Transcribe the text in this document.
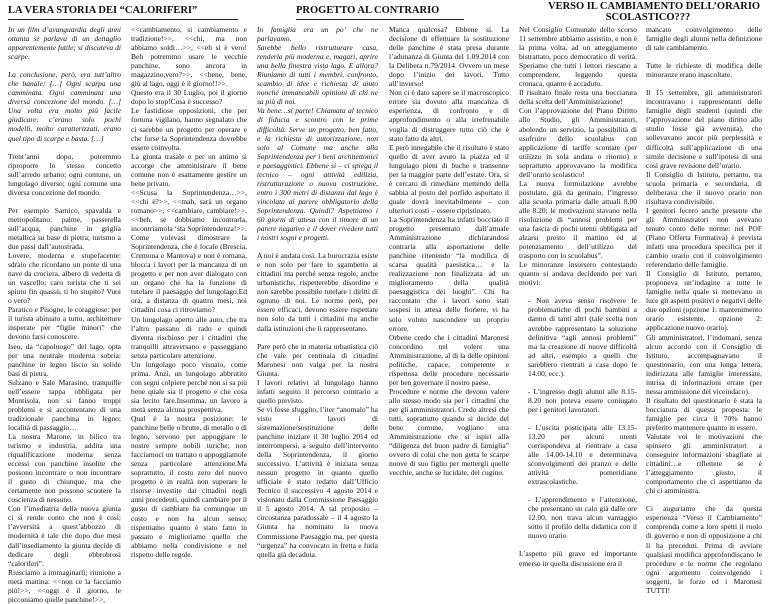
LA VERA STORIA DEI “CALORIFERI”	PROGETTO AL CONTRARIO	VERSO IL CAMBIAMENTO DELL’ORARIO
SCOLASTICO???

In un film d’avanguardia degli anni ottanta si parlava di un dettaglio apparentemente futile; si discuteva di scarpe.

La conclusione, però, era tutt’altro che banale: […] Ogni scarpa una camminata. Ogni camminata una diversa concezione del mondo. […] Una volta era molto più facile giudicare: c’erano solo pochi modelli, molto caratterizzati, erano quel tipo di scarpe e basta. […]

Trent’anni dopo, potremmo riproporre lo stesso concetto sull’arredo urbano; ogni comune, un lungolago diverso; ogni comune una diversa concezione del mondo.

Per esempio Sarnico, spavalda e metropolitano: palme, passerella sull’acqua, panchine in griglia metallica su base di pietra; turismo a due passi dall’autostrada.

Lovere, moderna e stupefacente: sdraio che ricordano un ponte di una nave da crociera, albero di vedetta di un vascello; caro turista che ti sei spinto fin quassù, ti ho stupito? Vuoi o vero?

Paratico e Pisogne, le coraggiose: per il turista abituato a tutto, architetture insperate per “figlie minori” che devono farsi conoscere.

Iseo, da “capoluogo” del lago, opta per una neutrale moderna sobria: panchine in legno liscio su solide basi di pietra.

Sulzano e Sale Marasino, tranquille nell’essere tappa obbligata per Montisola, non si fanno troppi problemi e si accontentano di una tradizionale panchina in legno; località di passaggio…

La nostra Marone, in bilico tra turismo e industria, addita una riqualificazione moderna senza eccessi con panchine insolite che possono incontrare o non incontrare il gusto di chiunque, ma che certamente non possono scuotere la coscienza di nessuno.

Con l’imediatria della nuova giunta ci si rende conto che non è così; l’avversità a quest’abbozzo di modernità è tale che dopo due mesi dall’insediamento la giunta decide di dedicare degli ebbrobrosi “caloriferi”.

Riusciamo a immaginarli; riunione a metà mattina: <<non ce la facciamo più!>>, <<oggi è il giorno, le picconiamo quelle panchine!>>,

<<cambiamento, si cambiamento e tradizione!>>, <<chi, ma non abbiamo soldi…>>, <<eh si è vero! Beh potremmo usare le vecchie panchine, sono ancora in magazzino,vero?>>, <<bene, bene, giù al lago, oggi è il giorno!!>>.

Questo era il 30 Luglio, poi il giorno dopo lo stop!Cosa è successo?

Le fastidiose opposizioni, che per fortuna vigilano, hanno segnalato che ci sarebbe un progetto per operare e che forse la Soprintendenza dovrebbe essere coinvolta.

La giunta trasale e per un attimo si accorge che amministrare il bene comune non è esattamente gestire un bene privato.

<<Scusa la Soprintendenza…>>, <<chi è?>>, <<mah, sarà un organo romano>>, <<cambiare, cambiare!>>, <<beh, se dobbiamo incontrarla, incontriamola ‘sta Soprintendenza!>>.

Come volevasi dimostrare la Soprintendenza, che è locale (Brescia, Cremona e Mantova) e non è romana, blocca i lavori per la mancanza di un progetto e per non aver dialogato con un organo che ha la funzione di tutelare il paesaggio del lungolago.Ed ora, a distanza di quattro mesi, noi cittadini cosa ci ritroviamo?

Un lungolago aperto alle auto, che tra l’altro passano di rado e quindi diventa rischioso per i cittadini che tranquilli attraversano e passeggiano senza particolare attenzione.

Un lungolago poco visuato, come prima. Anzi, un lungolago abbrutito con segni colpiere perché non si sa più bene quale sia il progetto e che cosa sia lecito fare.Insomma, un lavoro a metà senza alcuna prospettiva.

Qual è la nostra posizione: le panchine belle o brutte, di metallo o di legno, servono per appoggiare le nostre sempre nobili turiche; non facciamoci un trattato o appoggiamole senza particolare attenzione.Ma soprattutto, il costo zero del nuovo progetto è in realtà non superare le risorse investite dai cittadini negli anni precedenti, quindi cambiare per il gusto di cambiare ha comunque un costo e non ha alcun senso; rispettiamo quanto è stato fatto in passato e miglioriamo quello che abbiamo nella condivisione e nel rispetto delle regole.

In famiglia era un po’ che ne parlavamo.

Sarebbe bello ristrutturare casa, renderla più moderna e, magari, aprire una bella finestra vista lago. E allora? Riuniamo di tutti i membri, confronto, scambio di idee e richiesta di aiuto nonché immancabili opinioni di chi ne sa più di noi.

Va bene…si parte! Chiamata al tecnico di fiducia e scontro con le prime difficoltà. Serve un progetto, ben fatto, e la richiesta di autorizzazione, non solo al Comune ma anche alla Soprintendenza per i beni architettonici e paesaggistici. Ebbene sì – ci spiega il tecnico – ogni attività edilizia, ristrutturazione o nuova costruzione, entro i 300 metri di distanza dal lago è vincolata al parere obbligatorio della Soprintendenza. Quindi? Aspettiamo i 60 giorni di attesa con il timore di un parere negativo e il dover rivedere tutti i nostri sogni e progetti.

A noi è andata così. La burocrazia esiste e non solo per fare lo sgambetto ai cittadini ma perché senza regole, anche urbanistiche, rispetterebbe disordine e non sarebbe possibile tutelare i diritti di ognuno di noi. Le norme però, per essere efficaci, devono essere rispettate non solo da tutti i cittadini ma anche dalla istituzioni che li rappresentano.

Pare però che in materia urbanistica ciò che vale per centinaia di cittadini Maronesi non valga per la nostra Giunta.

I lavori relativi al lungolago hanno infatti seguito il percorso contrario a quello previsto.

Se vi fosse sfuggito, l’iter “anomalo” ha visto i lavori di sistemazione/sostituzione delle panchine iniziare il 30 luglio 2014 ed interrompersi, a seguito dell’intervento della Soprintendenza, il giorno successivo. L’attività è iniziata senza nessun progetto in quanto quello ufficiale è stato redatto dall’Ufficio Tecnico il successivo 4 agosto 2014 e visionato dalla Commissione Paesaggio il 5 agosto 2014. A tal proposito – circostanza paradossale – il 4 agosto la Giunta ha nominato la nuova Commissione Paesaggio ma, per questa “urgenza” ha convocato in fretta e furia quella già decaduta.

Manca qualcosa? Ebbene sì. La decisione di effettuare la sostituzione delle panchine è stata presa durante l’adunanza di Giunta del 1.09.2014 con la Delibera n.79/2014. Ovvero un mese dopo l’inizio dei lavori. Tutto all’inverso!

Non ci è dato sapere se il macroscopico errore sia dovuto alla mancanza di esperienza, di confronto e di approfondimento o alla irrefrenabile voglia di distruggere tutto ciò che è stato fatto da altri.

E però innegabile che il risultato è stato quello di aver avuto la piazza ed il lungolago pieni di buche e transenne per la maggior parte dell’estate. Ora, si è cercato di rimediare mettendo della sabbia al posto del porfido asportato il quale dovrà inevitabilmente – con ulteriori costi – essere ripristinato.

La Soprintendenza ha infatti bocciato il progetto presentato dall’attuale Amministrazione dichiarandosi contraria alla asportazione delle panchine ritenendo “la modifica di scarsa qualità paesistica… e la realizzazione non finalizzata ad un miglioramento della qualità paesaggistica dei luoghi”. Chi ha raccontato che i lavori sono stati sospesi in attesa delle fioriere, vi ha solo voluto nascondere un proprio errore.

Orbene credo che i cittadini Maronesi concordino nel volere una Amministrazione, al di la delle opinioni politiche, capace, competente e rispettosa delle procedure necessarie per ben governare il nostro paese.

Procedure e norme che devono valere allo stesso modo sia per i cittadini che per gli amministratori. Credo altresì che tutti, soprattutto quando si decide del bene comune, vogliano una Amministrazione che si ispiri alla “diligenza del buon padre di famiglia” ovvero di colui che non getta le scarpe nuove di suo figlio per mettergli quelle vecchie, anche se lucidate, del cugino.

Nel Consiglio Comunale dello scorso 11 settembre abbiamo assistito, e non è la prima volta, ad un atteggiamento bistrattato, poco democratico di verità. Speriamo che tutti i lettori riescano a comprendere, leggendo questa cronaca, quanto è accaduto.

Il risultato finale resta una bocciatura della scelta dell’Amministrazione!

Con l’approvazione del Piano Diritto allo Studio, gli Amministratori, abolendo un servizio, la possibilità di usufruire dello scuolabus con applicazione di tariffe scontate (per utilizzo in sola andata o ritorno) e soprattutto approvavano la modifica dell’orario scolastico!

La nuova formulazione avrebbe postulato, già da gennaio, l’ingresso alla scuola primaria dalle attuali 8.00 alle 8.20; le motivazioni stavano nella risoluzione di “annosi problemi per una fascia di pochi utenti obbligata ad alzarsi presto il mattino ed al potenziamento dell’utilizzo del trasporto con lo scuolabus”.

Le minoranze insorsero contestando quanto si andava decidendo per vari motivi:

- Non aveva senso risolvere le problematiche di pochi bambini a danno di tanti altri (tale scelta non avrebbe rappresentato la soluzione definitiva “agli annosi problemi” ma la creazione di nuove difficoltà ad altri, esempio a quelli che sarebbero rientrati a casa dopo le 14.00, ecc.).

- L’ingresso degli alunni alle 8.15-8.20 non poteva essere coniugato per i genitori lavoratori.

- L’uscita posticipata alle 13.15-13.20 per alcuni utenti corrispondeva al rientrare a casa alle 14.00-14.10 e determinava sconvolgimenti dei pranzo e delle attività pomeridiane extrascolastiche.

- L’apprendimento e l’attenzione, che presentano un calo già dalle ore 12.00, non trava alcun vantaggio sotto il profilo della didattica con il nuovo orario

L’aspetto più grave ed importante emerso in quella discussione era il

mancato coinvolgimento delle famiglie degli alunni nella definizione di tale cambiamento.

Tutte le richieste di modifica delle minoranze erano inascoltate.

Il 15 settembre, gli amministratori incontravano i rappresentanti delle famiglie degli studenti (quindi che l’approvazione del piano diritto allo studio fosse già avvenuta), che sollevavano ancor più perplessità e difficoltà sull’applicazione di una simile decisione e sull’ipotesi di una così grave revisione dell’orario.

Il Consiglio di Istituto, pertanto, tra scuola primaria e secondaria, di deliberava che il nuovo orario non risultava condivisibile.

I genitori fecero anche presente che gli Amministratori non avevano tenuto conto delle norme: nel POF (Piano Offerta Formativa) è prevista infatti una procedura specifica per il cambio orario con il coinvolgimento referendario delle famiglie.

Il Consiglio di Istituto, pertanto, proponeva un’indagine a tutte le famiglie nella quale si mettevano in luce gli aspetti positivi e negativi delle due opzioni (opzione 1: mantenimento orario esistente, opzione 2: applicazione nuovo orario).

Gli amministratori, l’indomani, senza alcun accordo con il Consiglio di Istituto, accompagnavano il questionario, con una lunga lettera, indirizzata alle famiglie interessate, intrisa di informazioni errate (per nessa ammissione del viceindaco).

Il risultato del questionario è stata la bocciatura di questa proposta: le famiglie per circa il 70% hanno preferito mantenere quanto in essere.

Valutate voi le motivazioni che spinsero gli amministratori a conseguire informazioni sbagliate ai cittadini…e riflettete se è l’atteggiamento giusto, il comportamento che ci aspettiamo da chi ci amministra.

Ci auguriamo che da questa esperienza “Verso il Cambiamento” comprenda come a loro spetti il ruolo di governo e non di opposizione a chi li ha preceduti. Prima di avviare qualsiasi modifica approfondiscano le procedure e le norme che regolano ogni argomento coinvolgendo i soggetti, le forze ed i Maronesi TUTTI!
